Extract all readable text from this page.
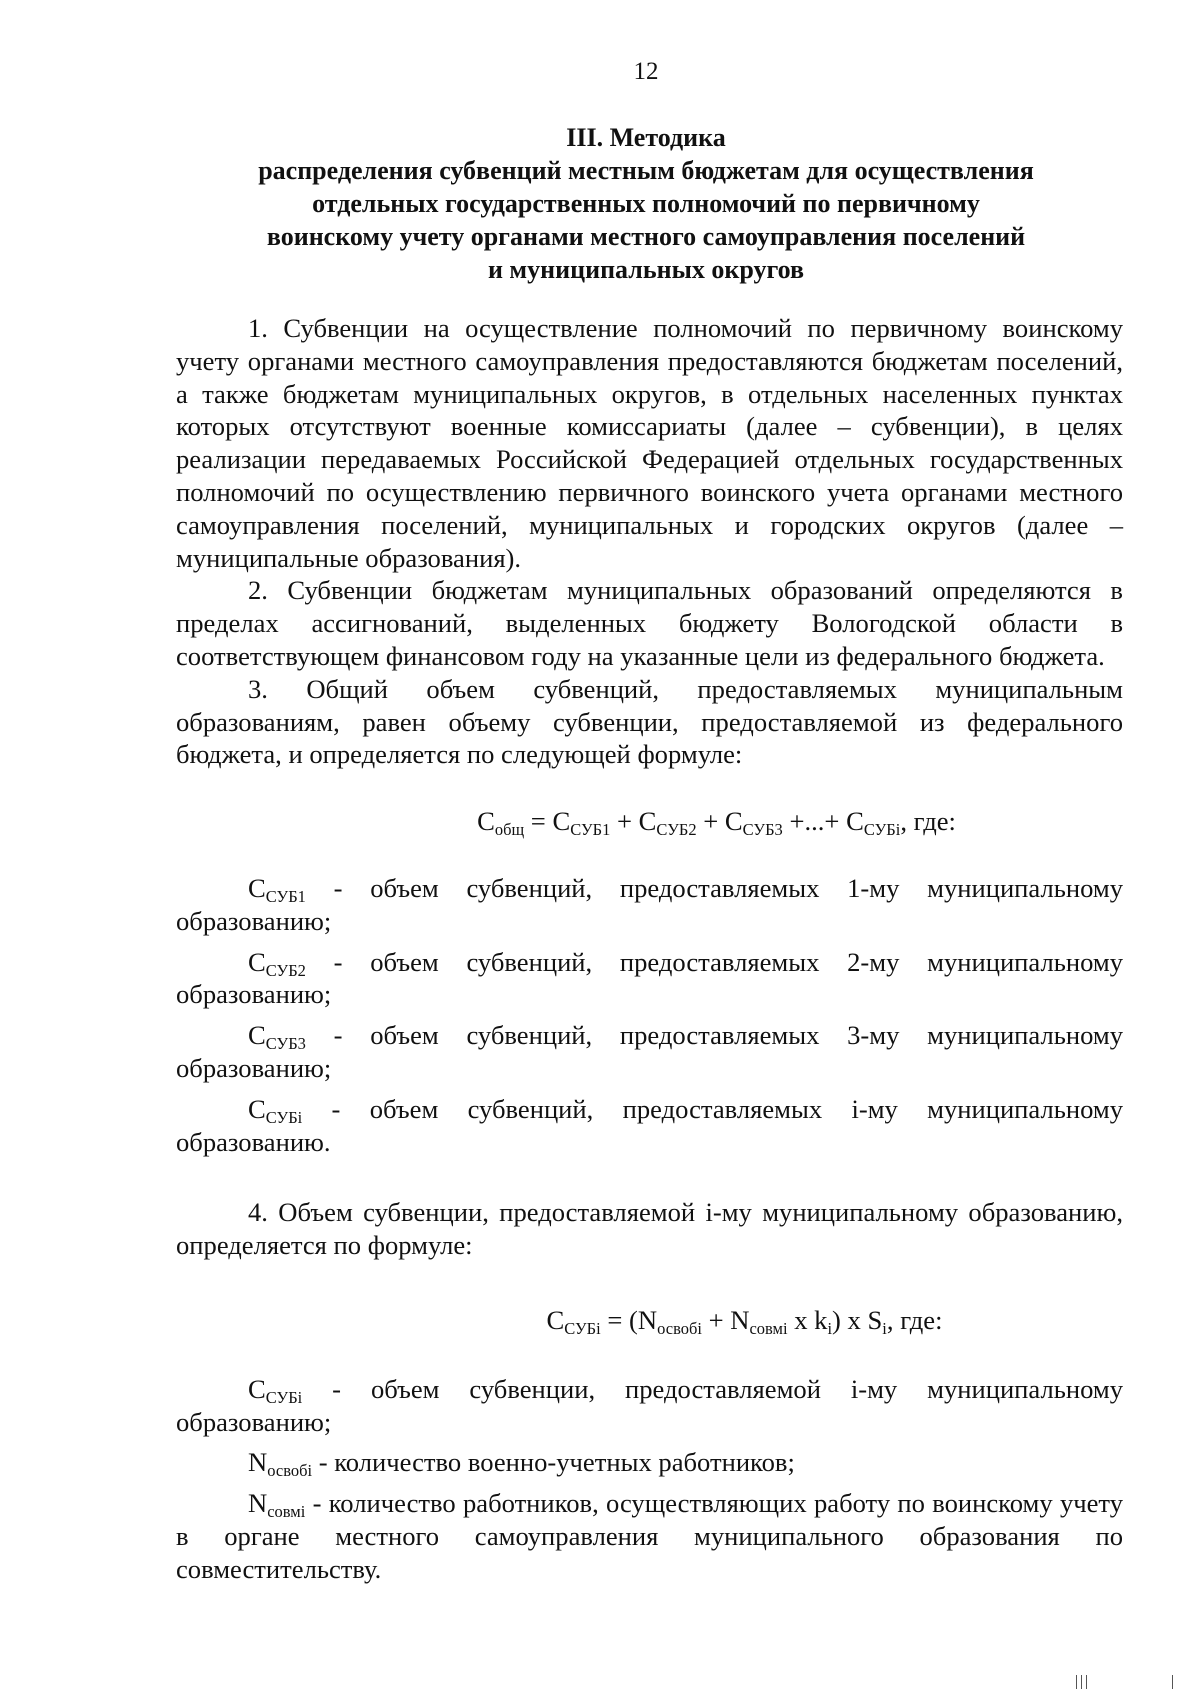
12
III. Методика
распределения субвенций местным бюджетам для осуществления
отдельных государственных полномочий по первичному
воинскому учету органами местного самоуправления поселений
и муниципальных округов

1. Субвенции на осуществление полномочий по первичному воинскому учету органами местного самоуправления предоставляются бюджетам поселений, а также бюджетам муниципальных округов, в отдельных населенных пунктах которых отсутствуют военные комиссариаты (далее – субвенции), в целях реализации передаваемых Российской Федерацией отдельных государственных полномочий по осуществлению первичного воинского учета органами местного самоуправления поселений, муниципальных и городских округов (далее – муниципальные образования).

2. Субвенции бюджетам муниципальных образований определяются в пределах ассигнований, выделенных бюджету Вологодской области в соответствующем финансовом году на указанные цели из федерального бюджета.

3. Общий объем субвенций, предоставляемых муниципальным образованиям, равен объему субвенции, предоставляемой из федерального бюджета, и определяется по следующей формуле:

$С_{общ} = С_{СУБ1} + С_{СУБ2} + С_{СУБ3}$ +...+ $С_{СУБi}$, где:

$С_{СУБ1}$ - объем субвенций, предоставляемых 1-му муниципальному образованию;

$С_{СУБ2}$ - объем субвенций, предоставляемых 2-му муниципальному образованию;

$С_{СУБ3}$ - объем субвенций, предоставляемых 3-му муниципальному образованию;

$С_{СУБi}$ - объем субвенций, предоставляемых i-му муниципальному образованию.

4. Объем субвенции, предоставляемой i-му муниципальному образованию, определяется по формуле:

$С_{СУБi} = (N_{освобi} + N_{совмi}$ x $k_i$) x $S_i$, где:

$С_{СУБi}$ - объем субвенции, предоставляемой i-му муниципальному образованию;

$N_{освобi}$ - количество военно-учетных работников;

$N_{совмi}$ - количество работников, осуществляющих работу по воинскому учету в органе местного самоуправления муниципального образования по совместительству.
